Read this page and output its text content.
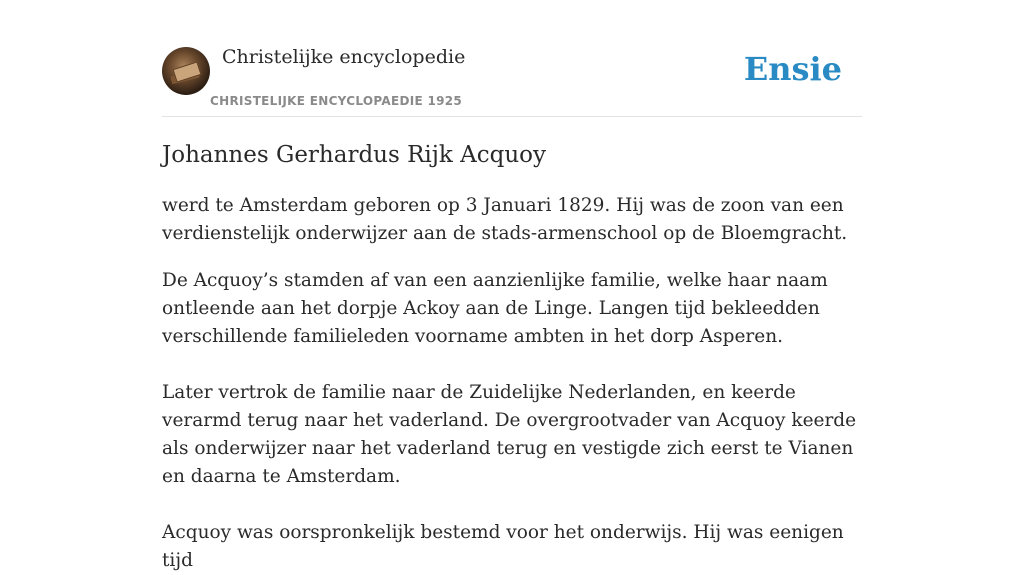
Christelijke encyclopedie
CHRISTELIJKE ENCYCLOPAEDIE 1925
Ensie
Johannes Gerhardus Rijk Acquoy

werd te Amsterdam geboren op 3 Januari 1829. Hij was de zoon van een verdienstelijk onderwijzer aan de stads-armenschool op de Bloemgracht.

De Acquoy’s stamden af van een aanzienlijke familie, welke haar naam ontleende aan het dorpje Ackoy aan de Linge. Langen tijd bekleedden verschillende familieleden voorname ambten in het dorp Asperen.

Later vertrok de familie naar de Zuidelijke Nederlanden, en keerde verarmd terug naar het vaderland. De overgrootvader van Acquoy keerde als onderwijzer naar het vaderland terug en vestigde zich eerst te Vianen en daarna te Amsterdam.

Acquoy was oorspronkelijk bestemd voor het onderwijs. Hij was eenigen tijd
